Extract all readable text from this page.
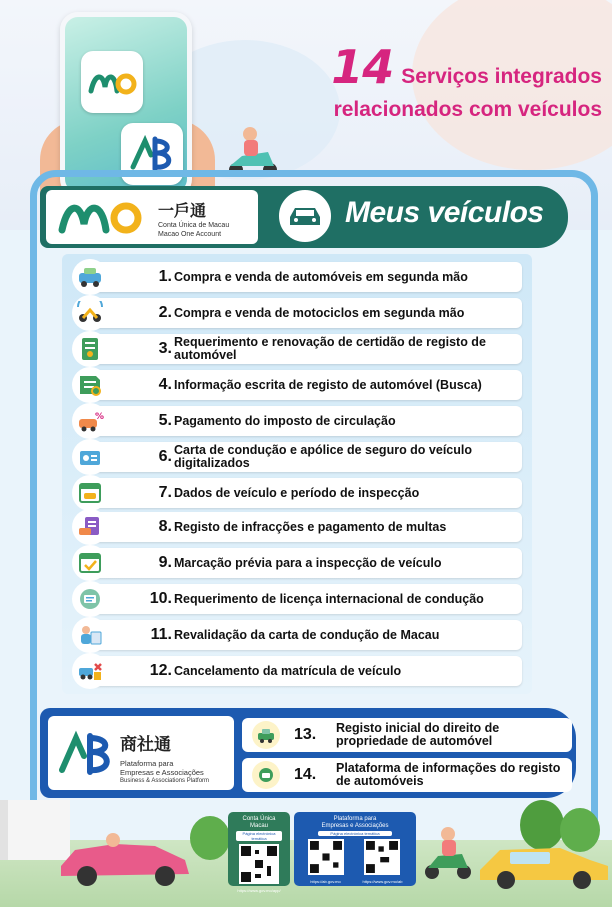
14 Serviços integrados
relacionados com veículos
一戶通
Conta Única de Macau
Macao One Account
Meus veículos
1. Compra e venda de automóveis em segunda mão
2. Compra e venda de motociclos em segunda mão
3. Requerimento e renovação de certidão de registo de automóvel
4. Informação escrita de registo de automóvel (Busca)
%	5. Pagamento do imposto de circulação
6. Carta de condução e apólice de seguro do veículo digitalizados
7. Dados de veículo e período de inspecção
8. Registo de infracções e pagamento de multas
9. Marcação prévia para a inspecção de veículo
10. Requerimento de licença internacional de condução
11. Revalidação da carta de condução de Macau
12. Cancelamento da matrícula de veículo
商社通
Plataforma para
Empresas e Associações
Business & Associations Platform
13. Registo inicial do direito de propriedade de automóvel
14. Plataforma de informações do registo de automóveis
Conta Única
Macau
Página electrónica temática
https://www.gov.mo/app/
Plataforma para
Empresas e Associações
Página electrónica temática
https://ab.gov.mo	https://www.gov.mo/ab
